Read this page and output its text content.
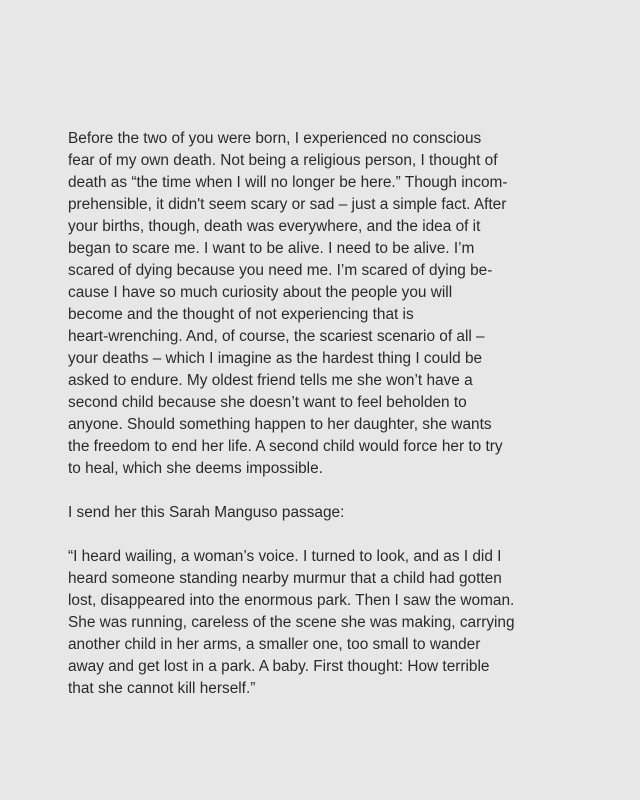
Before the two of you were born, I experienced no conscious
fear of my own death. Not being a religious person, I thought of
death as “the time when I will no longer be here.” Though incom-
prehensible, it didn't seem scary or sad – just a simple fact. After
your births, though, death was everywhere, and the idea of it
began to scare me. I want to be alive. I need to be alive. I’m
scared of dying because you need me. I’m scared of dying be-
cause I have so much curiosity about the people you will
become and the thought of not experiencing that is
heart-wrenching. And, of course, the scariest scenario of all –
your deaths – which I imagine as the hardest thing I could be
asked to endure. My oldest friend tells me she won’t have a
second child because she doesn’t want to feel beholden to
anyone. Should something happen to her daughter, she wants
the freedom to end her life. A second child would force her to try
to heal, which she deems impossible.
I send her this Sarah Manguso passage:
“I heard wailing, a woman’s voice. I turned to look, and as I did I
heard someone standing nearby murmur that a child had gotten
lost, disappeared into the enormous park. Then I saw the woman.
She was running, careless of the scene she was making, carrying
another child in her arms, a smaller one, too small to wander
away and get lost in a park. A baby. First thought: How terrible
that she cannot kill herself.”
